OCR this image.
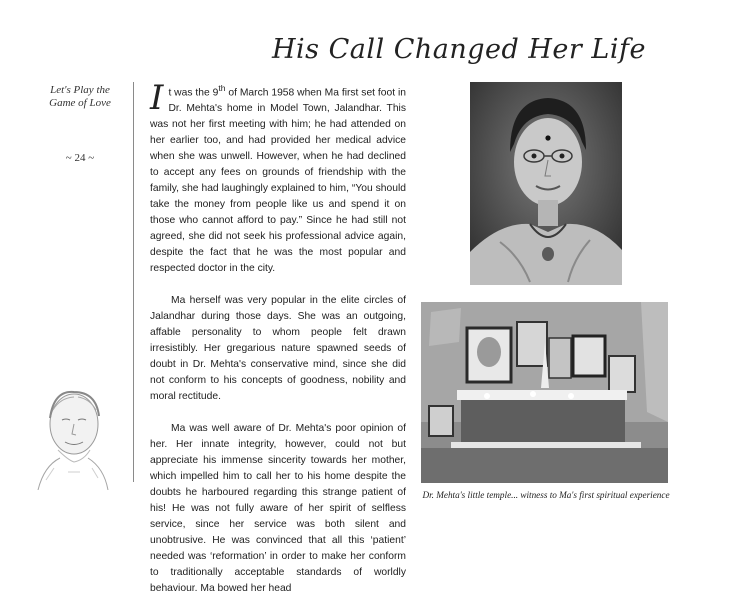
His Call Changed Her Life
Let's Play the
Game of Love
~ 24 ~

It was the 9th of March 1958 when Ma first set foot in Dr. Mehta's home in Model Town, Jalandhar. This was not her first meeting with him; he had attended on her earlier too, and had provided her medical advice when she was unwell. However, when he had declined to accept any fees on grounds of friendship with the family, she had laughingly explained to him, “You should take the money from people like us and spend it on those who cannot afford to pay.” Since he had still not agreed, she did not seek his professional advice again, despite the fact that he was the most popular and respected doctor in the city.

Ma herself was very popular in the elite circles of Jalandhar during those days. She was an outgoing, affable personality to whom people felt drawn irresistibly. Her gregarious nature spawned seeds of doubt in Dr. Mehta's conservative mind, since she did not conform to his concepts of goodness, nobility and moral rectitude.

Ma was well aware of Dr. Mehta's poor opinion of her. Her innate integrity, however, could not but appreciate his immense sincerity towards her mother, which impelled him to call her to his home despite the doubts he harboured regarding this strange patient of his! He was not fully aware of her spirit of selfless service, since her service was both silent and unobtrusive. He was convinced that all this ‘patient’ needed was ‘reformation’ in order to make her conform to traditionally acceptable standards of worldly behaviour. Ma bowed her head

Dr. Mehta's little temple... witness to Ma's first spiritual experience
